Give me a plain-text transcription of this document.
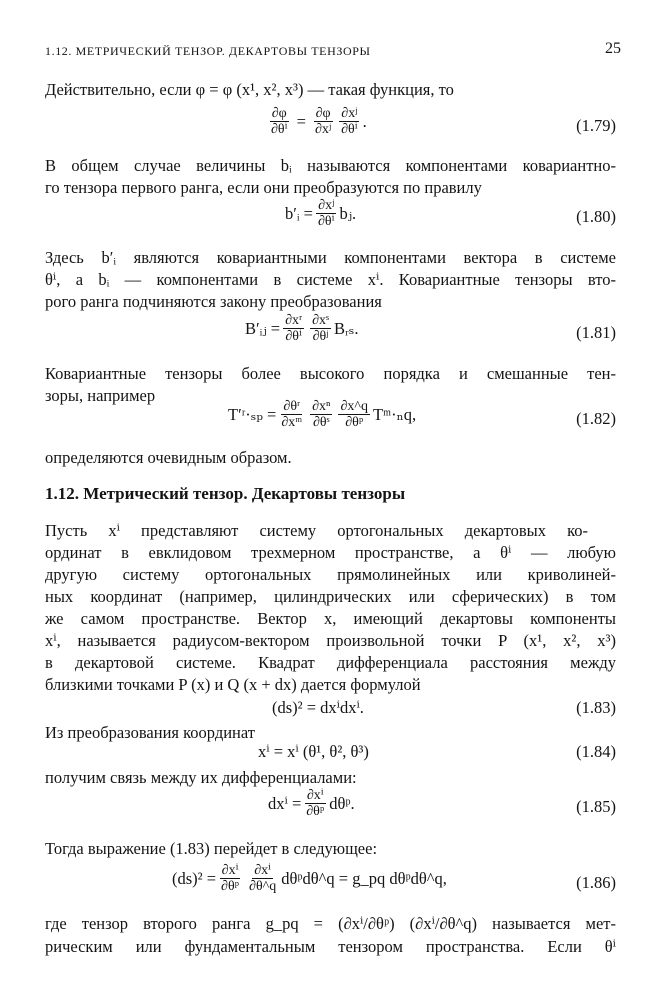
1.12. МЕТРИЧЕСКИЙ ТЕНЗОР. ДЕКАРТОВЫ ТЕНЗОРЫ	25
Действительно, если φ = φ (x¹, x², x³) — такая функция, то
$\frac{\partial\varphi}{\text{∂θⁱ}} = \frac{\partial\varphi}{\text{∂xʲ}} \frac{\text{∂xʲ}}{\text{∂θⁱ}}$ .	(1.79)
В общем случае величины bᵢ называются компонентами ковариантно-
го тензора первого ранга, если они преобразуются по правилу
b′ᵢ = $\frac{\text{∂xʲ}}{\text{∂θⁱ}}$ bⱼ.	(1.80)
Здесь b′ᵢ являются ковариантными компонентами вектора в системе
θⁱ, а bᵢ — компонентами в системе xⁱ. Ковариантные тензоры вто-
рого ранга подчиняются закону преобразования
B′ᵢⱼ = $\frac{\text{∂xʳ}}{\text{∂θⁱ}} \frac{\text{∂xˢ}}{\text{∂θʲ}}$ Bᵣₛ.	(1.81)
Ковариантные тензоры более высокого порядка и смешанные тен-
зоры, например
T′ʳ·ₛₚ = $\frac{\text{∂θʳ}}{\text{∂xᵐ}} \frac{\text{∂xⁿ}}{\text{∂θˢ}} \frac{\partial x\^{}q}{\text{∂θᵖ}}$ Tᵐ·ₙq,	(1.82)
определяются очевидным образом.
1.12. Метрический тензор. Декартовы тензоры
Пусть xⁱ представляют систему ортогональных декартовых ко-
ординат в евклидовом трехмерном пространстве, а θⁱ — любую
другую систему ортогональных прямолинейных или криволиней-
ных координат (например, цилиндрических или сферических) в том
же самом пространстве. Вектор x, имеющий декартовы компоненты
xⁱ, называется радиусом-вектором произвольной точки P (x¹, x², x³)
в декартовой системе. Квадрат дифференциала расстояния между
близкими точками P (x) и Q (x + dx) дается формулой
(ds)² = dxⁱdxⁱ.	(1.83)
Из преобразования координат
xⁱ = xⁱ (θ¹, θ², θ³)	(1.84)
получим связь между их дифференциалами:
$dx^i = \frac{\text{∂xⁱ}}{\text{∂θᵖ}}$ dθᵖ.	(1.85)
Тогда выражение (1.83) перейдет в следующее:
$(ds)^2 = \frac{\text{∂xⁱ}}{\text{∂θᵖ}} \frac{\text{∂xⁱ}}{\partial\theta\^{}q}$ dθᵖdθ^q = g_pq dθᵖdθ^q,	(1.86)
где тензор второго ранга g_pq = (∂xⁱ/∂θᵖ) (∂xⁱ/∂θ^q) называется мет-
рическим или фундаментальным тензором пространства. Если θⁱ
